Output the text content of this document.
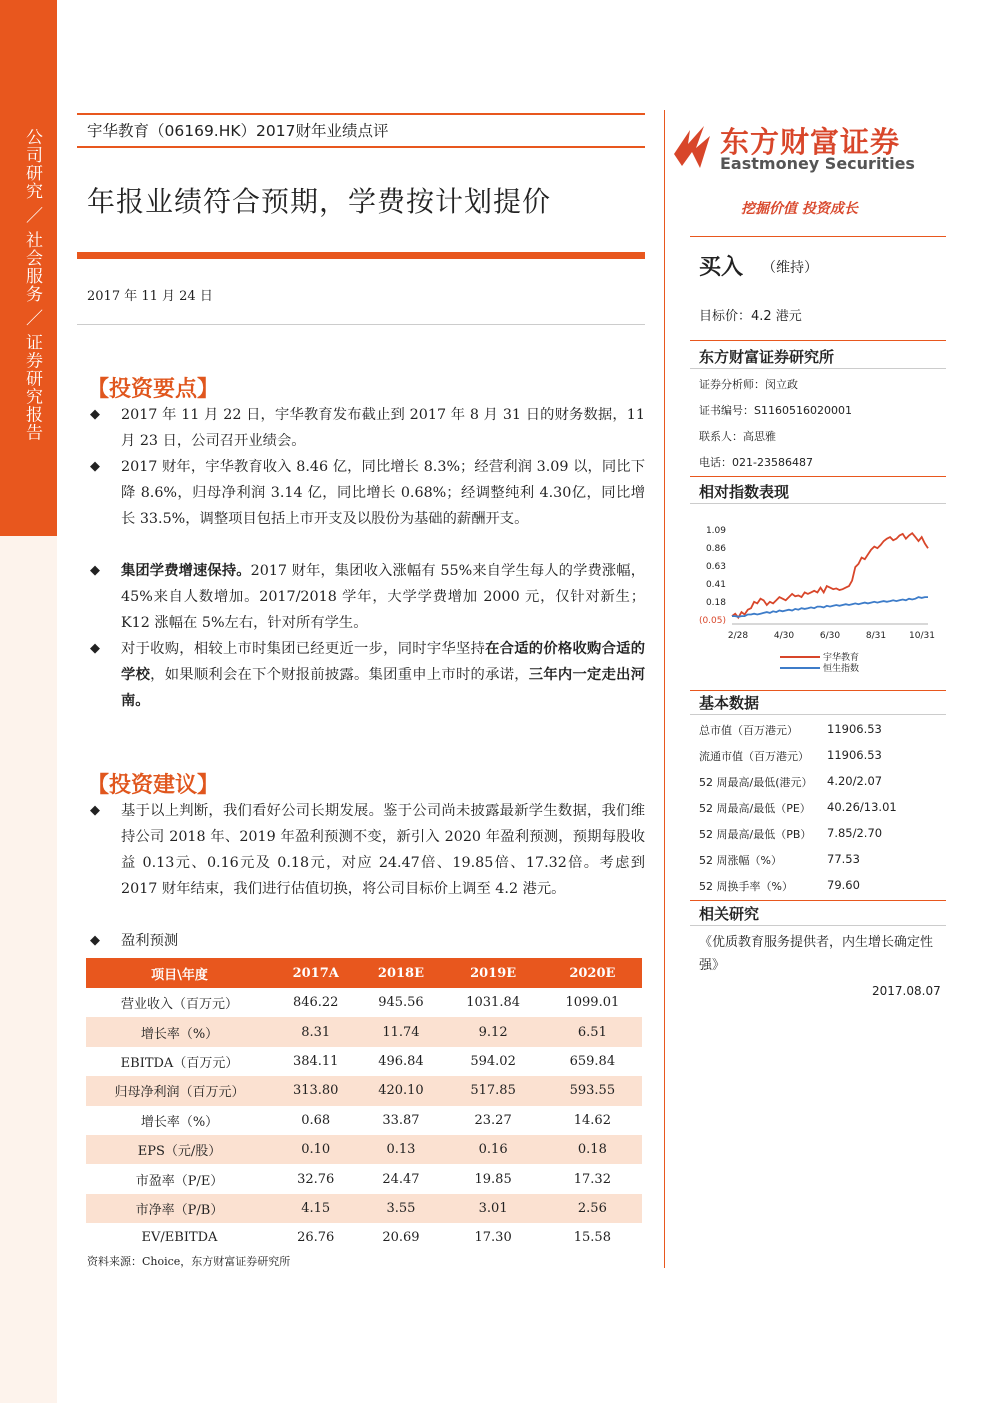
公司研究 ／ 社会服务 ／ 证券研究报告	宇华教育（06169.HK）2017财年业绩点评
年报业绩符合预期，学费按计划提价
2017 年 11 月 24 日
【投资要点】
◆ 2017 年 11 月 22 日，宇华教育发布截止到 2017 年 8 月 31 日的财务数据，11 月 23 日，公司召开业绩会。
◆ 2017 财年，宇华教育收入 8.46 亿，同比增长 8.3%；经营利润 3.09 以，同比下降 8.6%，归母净利润 3.14 亿，同比增长 0.68%；经调整纯利 4.30亿，同比增长 33.5%，调整项目包括上市开支及以股份为基础的薪酬开支。
◆ 集团学费增速保持。2017 财年，集团收入涨幅有 55%来自学生每人的学费涨幅，45%来自人数增加。2017/2018 学年，大学学费增加 2000 元，仅针对新生；K12 涨幅在 5%左右，针对所有学生。
◆ 对于收购，相较上市时集团已经更近一步，同时宇华坚持在合适的价格收购合适的学校，如果顺利会在下个财报前披露。集团重申上市时的承诺，三年内一定走出河南。
【投资建议】
◆ 基于以上判断，我们看好公司长期发展。鉴于公司尚未披露最新学生数据，我们维持公司 2018 年、2019 年盈利预测不变，新引入 2020 年盈利预测，预期每股收益 0.13元、0.16元及 0.18元，对应 24.47倍、19.85倍、17.32倍。考虑到 2017 财年结束，我们进行估值切换，将公司目标价上调至 4.2 港元。
◆ 盈利预测
项目\年度	2017A	2018E	2019E	2020E
营业收入（百万元）	846.22	945.56	1031.84	1099.01
增长率（%）	8.31	11.74	9.12	6.51
EBITDA（百万元）	384.11	496.84	594.02	659.84
归母净利润（百万元）	313.80	420.10	517.85	593.55
增长率（%）	0.68	33.87	23.27	14.62
EPS（元/股）	0.10	0.13	0.16	0.18
市盈率（P/E）	32.76	24.47	19.85	17.32
市净率（P/B）	4.15	3.55	3.01	2.56
EV/EBITDA	26.76	20.69	17.30	15.58
资料来源：Choice，东方财富证券研究所
东方财富证券
Eastmoney Securities
挖掘价值 投资成长
买入 （维持）
目标价：4.2 港元
东方财富证券研究所
证券分析师：闵立政
证书编号：S1160516020001
联系人：高思雅
电话：021-23586487
相对指数表现
1.09
0.86
0.63
0.41
0.18
(0.05)
2/28	4/30	6/30	8/31	10/31
宇华教育
恒生指数
基本数据
总市值（百万港元）	11906.53
流通市值（百万港元） 11906.53
52 周最高/最低(港元） 4.20/2.07
52 周最高/最低（PE） 40.26/13.01
52 周最高/最低（PB） 7.85/2.70
52 周涨幅（%）	77.53
52 周换手率（%）	79.60
相关研究
《优质教育服务提供者，内生增长确定性强》
2017.08.07
